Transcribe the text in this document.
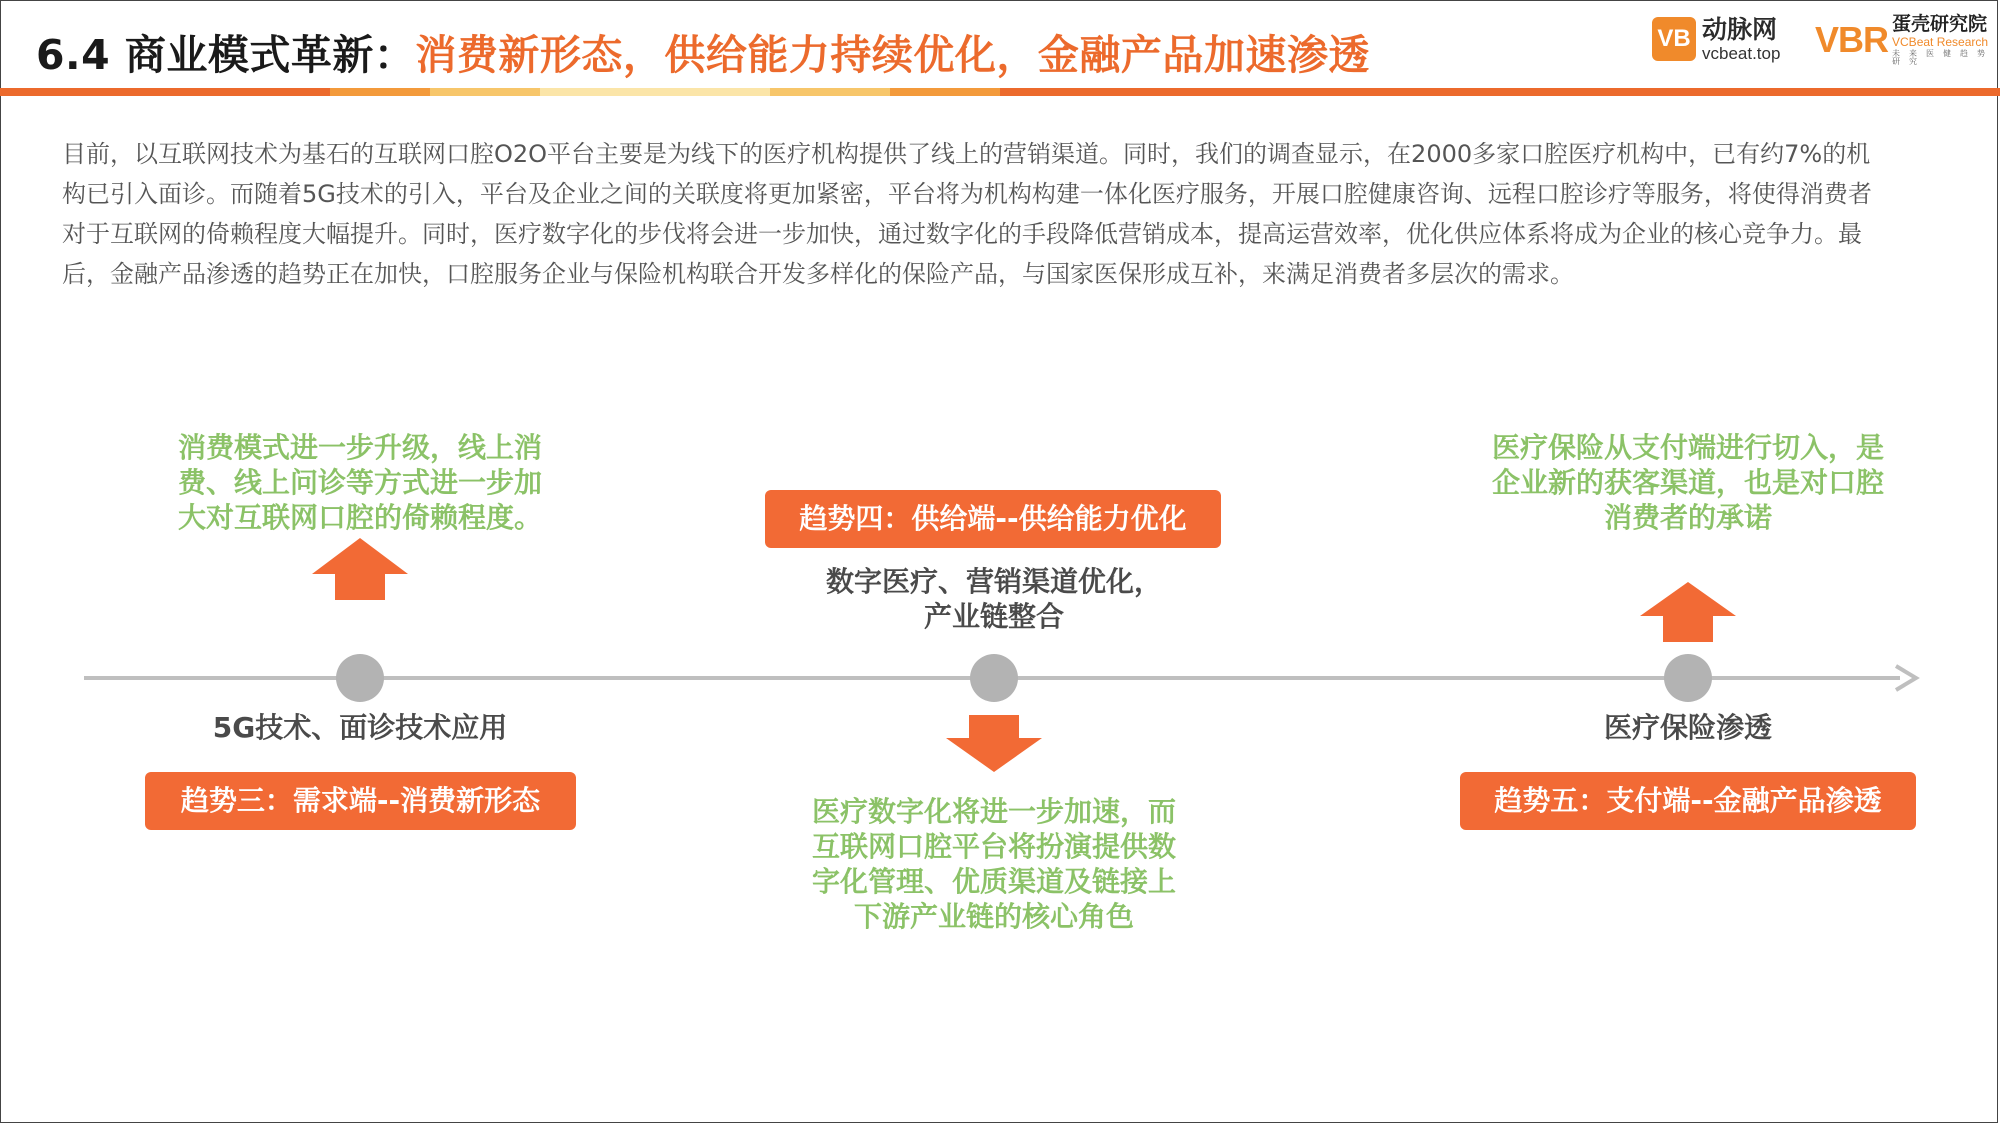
6.4 商业模式革新：消费新形态，供给能力持续优化，金融产品加速渗透	VB 动脉网
vcbeat.top VBR 蛋壳研究院
VCBeat Research
未来医健趋势研究
目前，以互联网技术为基石的互联网口腔O2O平台主要是为线下的医疗机构提供了线上的营销渠道。同时，我们的调查显示，在2000多家口腔医疗机构中，已有约7%的机构已引入面诊。而随着5G技术的引入，平台及企业之间的关联度将更加紧密，平台将为机构构建一体化医疗服务，开展口腔健康咨询、远程口腔诊疗等服务，将使得消费者对于互联网的倚赖程度大幅提升。同时，医疗数字化的步伐将会进一步加快，通过数字化的手段降低营销成本，提高运营效率，优化供应体系将成为企业的核心竞争力。最后，金融产品渗透的趋势正在加快，口腔服务企业与保险机构联合开发多样化的保险产品，与国家医保形成互补，来满足消费者多层次的需求。
消费模式进一步升级，线上消
费、线上问诊等方式进一步加
大对互联网口腔的倚赖程度。
5G技术、面诊技术应用
趋势三：需求端--消费新形态
趋势四：供给端--供给能力优化
数字医疗、营销渠道优化，
产业链整合
医疗数字化将进一步加速，而
互联网口腔平台将扮演提供数
字化管理、优质渠道及链接上
下游产业链的核心角色
医疗保险从支付端进行切入，是
企业新的获客渠道，也是对口腔
消费者的承诺
医疗保险渗透
趋势五：支付端--金融产品渗透
